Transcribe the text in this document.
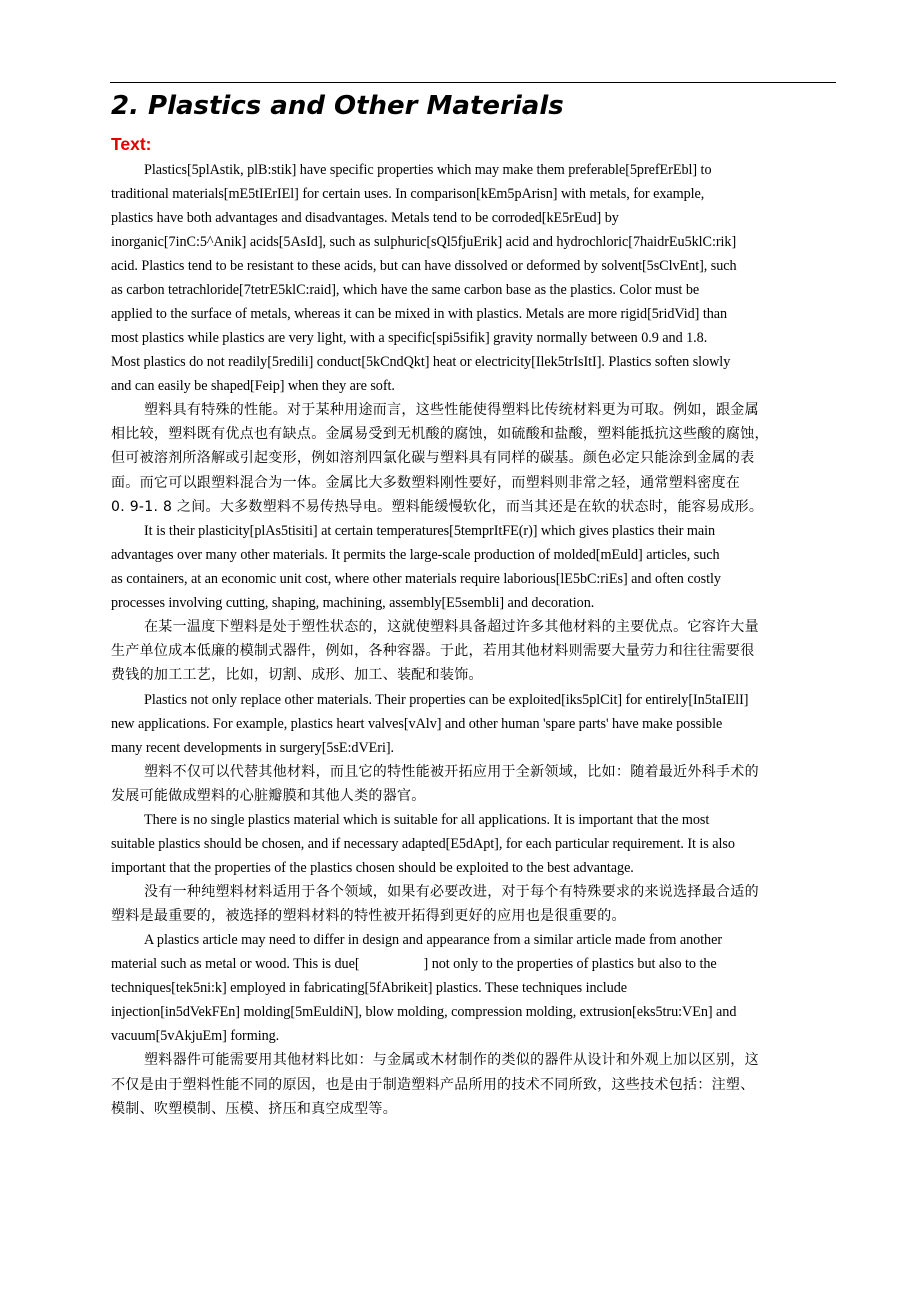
2. Plastics and Other Materials
Text:

Plastics[5plAstik, plB:stik] have specific properties which may make them preferable[5prefErEbl] to
traditional materials[mE5tIErIEl] for certain uses. In comparison[kEm5pArisn] with metals, for example,
plastics have both advantages and disadvantages. Metals tend to be corroded[kE5rEud] by
inorganic[7inC:5^Anik] acids[5AsId], such as sulphuric[sQl5fjuErik] acid and hydrochloric[7haidrEu5klC:rik]
acid. Plastics tend to be resistant to these acids, but can have dissolved or deformed by solvent[5sClvEnt], such
as carbon tetrachloride[7tetrE5klC:raid], which have the same carbon base as the plastics. Color must be
applied to the surface of metals, whereas it can be mixed in with plastics. Metals are more rigid[5ridVid] than
most plastics while plastics are very light, with a specific[spi5sifik] gravity normally between 0.9 and 1.8.
Most plastics do not readily[5redili] conduct[5kCndQkt] heat or electricity[Ilek5trIsItI]. Plastics soften slowly
and can easily be shaped[Feip] when they are soft.

塑料具有特殊的性能。对于某种用途而言，这些性能使得塑料比传统材料更为可取。例如，跟金属
相比较，塑料既有优点也有缺点。金属易受到无机酸的腐蚀，如硫酸和盐酸，塑料能抵抗这些酸的腐蚀，
但可被溶剂所洛解或引起变形，例如溶剂四氯化碳与塑料具有同样的碳基。颜色必定只能涂到金属的表
面。而它可以跟塑料混合为一体。金属比大多数塑料刚性要好，而塑料则非常之轻，通常塑料密度在
0. 9-1. 8 之间。大多数塑料不易传热导电。塑料能缓慢软化，而当其还是在软的状态时，能容易成形。

It is their plasticity[plAs5tisiti] at certain temperatures[5temprItFE(r)] which gives plastics their main
advantages over many other materials. It permits the large-scale production of molded[mEuld] articles, such
as containers, at an economic unit cost, where other materials require laborious[lE5bC:riEs] and often costly
processes involving cutting, shaping, machining, assembly[E5sembli] and decoration.

在某一温度下塑料是处于塑性状态的，这就使塑料具备超过许多其他材料的主要优点。它容许大量
生产单位成本低廉的模制式器件，例如，各种容器。于此，若用其他材料则需要大量劳力和往往需要很
费钱的加工工艺，比如，切割、成形、加工、装配和装饰。

Plastics not only replace other materials. Their properties can be exploited[iks5plCit] for entirely[In5taIElI]
new applications. For example, plastics heart valves[vAlv] and other human 'spare parts' have make possible
many recent developments in surgery[5sE:dVEri].

塑料不仅可以代替其他材料，而且它的特性能被开拓应用于全新领域，比如：随着最近外科手术的
发展可能做成塑料的心脏瓣膜和其他人类的器官。

There is no single plastics material which is suitable for all applications. It is important that the most
suitable plastics should be chosen, and if necessary adapted[E5dApt], for each particular requirement. It is also
important that the properties of the plastics chosen should be exploited to the best advantage.

没有一种纯塑料材料适用于各个领域，如果有必要改进，对于每个有特殊要求的来说选择最合适的
塑料是最重要的，被选择的塑料材料的特性被开拓得到更好的应用也是很重要的。

A plastics article may need to differ in design and appearance from a similar article made from another
material such as metal or wood. This is due[	] not only to the properties of plastics but also to the
techniques[tek5ni:k] employed in fabricating[5fAbrikeit] plastics. These techniques include
injection[in5dVekFEn] molding[5mEuldiN], blow molding, compression molding, extrusion[eks5tru:VEn] and
vacuum[5vAkjuEm] forming.

塑料器件可能需要用其他材料比如：与金属或木材制作的类似的器件从设计和外观上加以区别，这
不仅是由于塑料性能不同的原因，也是由于制造塑料产品所用的技术不同所致，这些技术包括：注塑、
模制、吹塑模制、压模、挤压和真空成型等。
